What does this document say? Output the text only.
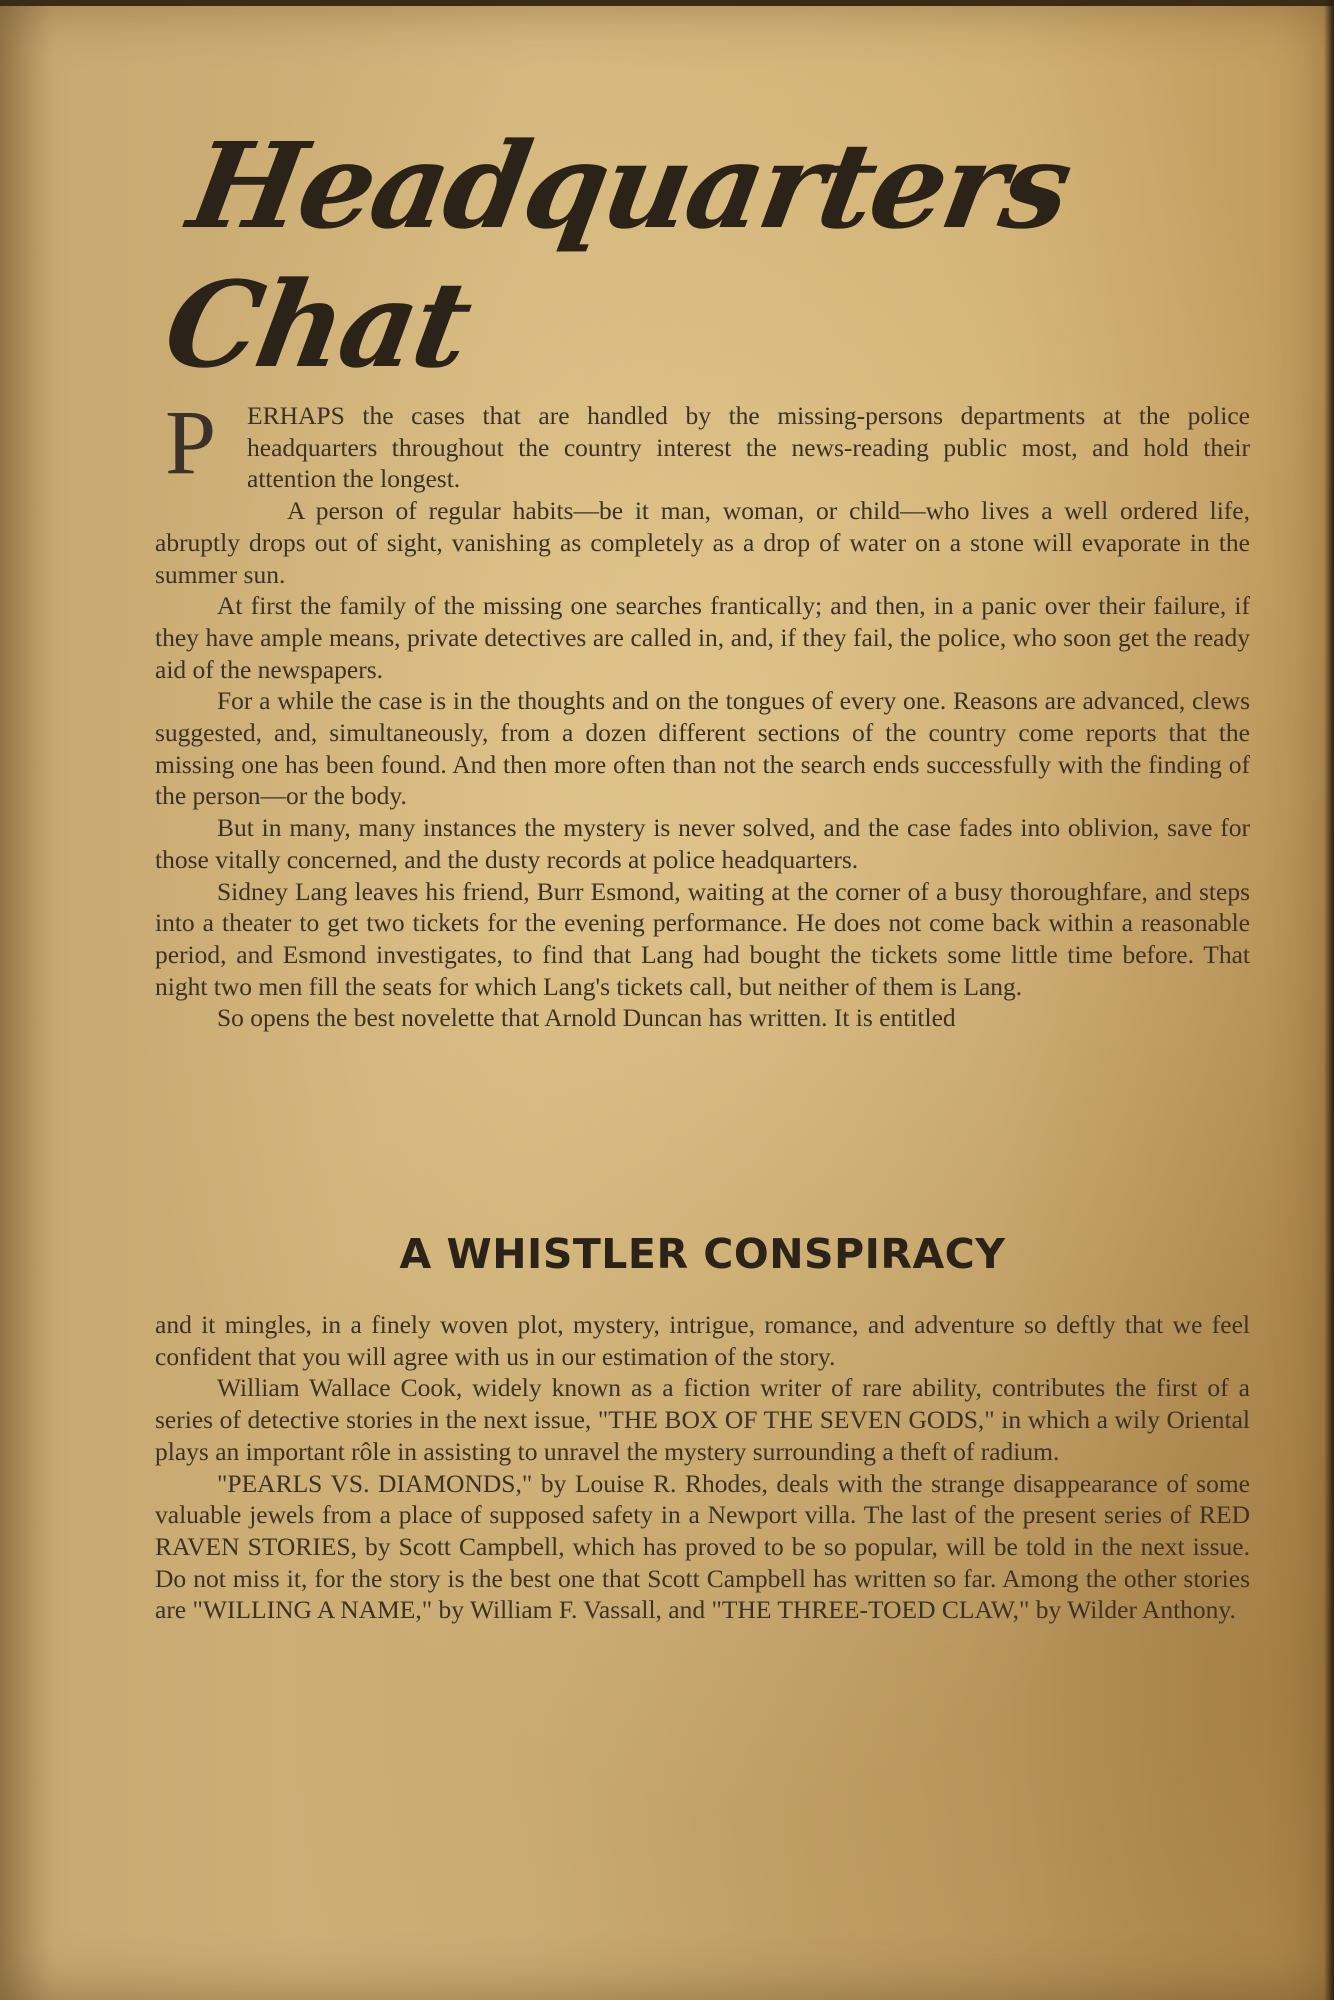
Headquarters Chat
P	ERHAPS the cases that are handled by the missing-persons departments at the police headquarters throughout the country interest the news-reading public most, and hold their attention the longest.

A person of regular habits—be it man, woman, or child—who lives a well ordered life, abruptly drops out of sight, vanishing as completely as a drop of water on a stone will evaporate in the summer sun.

At first the family of the missing one searches frantically; and then, in a panic over their failure, if they have ample means, private detectives are called in, and, if they fail, the police, who soon get the ready aid of the newspapers.

For a while the case is in the thoughts and on the tongues of every one. Reasons are advanced, clews suggested, and, simultaneously, from a dozen different sections of the country come reports that the missing one has been found. And then more often than not the search ends successfully with the finding of the person—or the body.

But in many, many instances the mystery is never solved, and the case fades into oblivion, save for those vitally concerned, and the dusty records at police headquarters.

Sidney Lang leaves his friend, Burr Esmond, waiting at the corner of a busy thoroughfare, and steps into a theater to get two tickets for the evening performance. He does not come back within a reasonable period, and Esmond investigates, to find that Lang had bought the tickets some little time before. That night two men fill the seats for which Lang's tickets call, but neither of them is Lang.

So opens the best novelette that Arnold Duncan has written. It is entitled

A WHISTLER CONSPIRACY

and it mingles, in a finely woven plot, mystery, intrigue, romance, and adventure so deftly that we feel confident that you will agree with us in our estimation of the story.

William Wallace Cook, widely known as a fiction writer of rare ability, contributes the first of a series of detective stories in the next issue, "THE BOX OF THE SEVEN GODS," in which a wily Oriental plays an important rôle in assisting to unravel the mystery surrounding a theft of radium.

"PEARLS VS. DIAMONDS," by Louise R. Rhodes, deals with the strange disappearance of some valuable jewels from a place of supposed safety in a Newport villa. The last of the present series of RED RAVEN STORIES, by Scott Campbell, which has proved to be so popular, will be told in the next issue. Do not miss it, for the story is the best one that Scott Campbell has written so far. Among the other stories are "WILLING A NAME," by William F. Vassall, and "THE THREE-TOED CLAW," by Wilder Anthony.
